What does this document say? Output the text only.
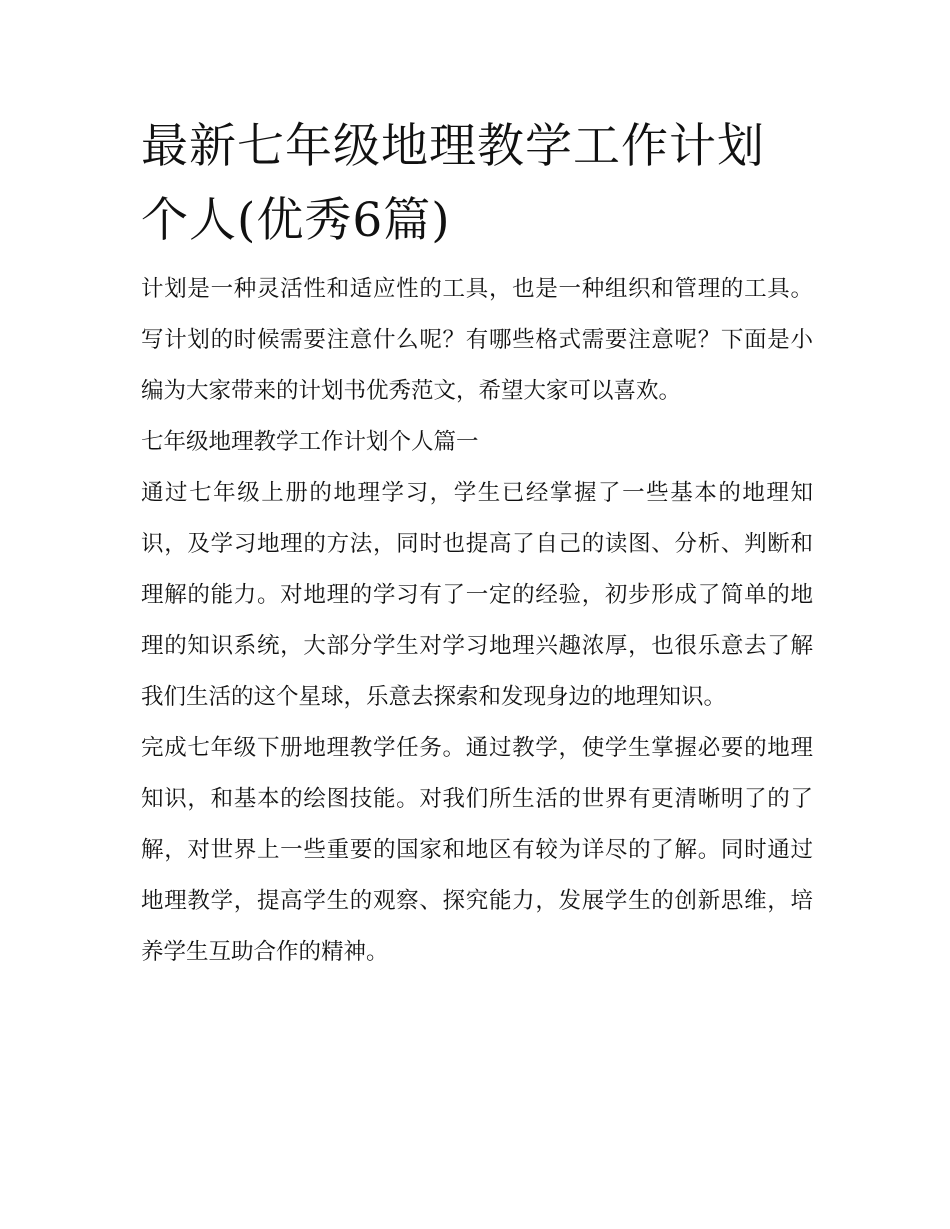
最新七年级地理教学工作计划
个人(优秀6篇)

计划是一种灵活性和适应性的工具，也是一种组织和管理的工具。写计划的时候需要注意什么呢？有哪些格式需要注意呢？下面是小编为大家带来的计划书优秀范文，希望大家可以喜欢。

七年级地理教学工作计划个人篇一

通过七年级上册的地理学习，学生已经掌握了一些基本的地理知识，及学习地理的方法，同时也提高了自己的读图、分析、判断和理解的能力。对地理的学习有了一定的经验，初步形成了简单的地理的知识系统，大部分学生对学习地理兴趣浓厚，也很乐意去了解我们生活的这个星球，乐意去探索和发现身边的地理知识。

完成七年级下册地理教学任务。通过教学，使学生掌握必要的地理知识，和基本的绘图技能。对我们所生活的世界有更清晰明了的了解，对世界上一些重要的国家和地区有较为详尽的了解。同时通过地理教学，提高学生的观察、探究能力，发展学生的创新思维，培养学生互助合作的精神。
